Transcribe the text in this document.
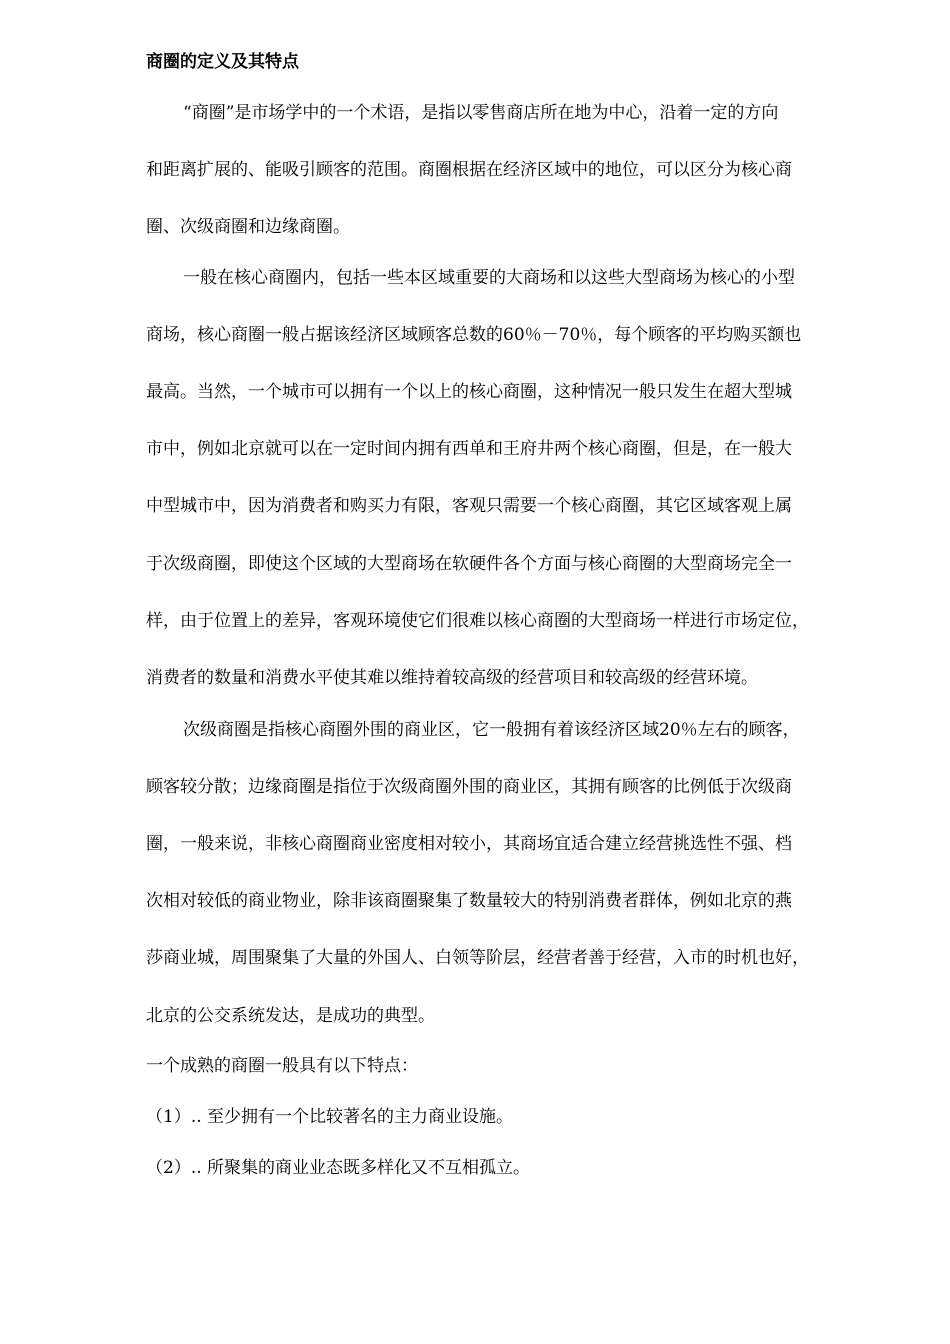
商圈的定义及其特点
“商圈”是市场学中的一个术语，是指以零售商店所在地为中心，沿着一定的方向
和距离扩展的、能吸引顾客的范围。商圈根据在经济区域中的地位，可以区分为核心商
圈、次级商圈和边缘商圈。
一般在核心商圈内，包括一些本区域重要的大商场和以这些大型商场为核心的小型
商场，核心商圈一般占据该经济区域顾客总数的60％－70％，每个顾客的平均购买额也
最高。当然，一个城市可以拥有一个以上的核心商圈，这种情况一般只发生在超大型城
市中，例如北京就可以在一定时间内拥有西单和王府井两个核心商圈，但是，在一般大
中型城市中，因为消费者和购买力有限，客观只需要一个核心商圈，其它区域客观上属
于次级商圈，即使这个区域的大型商场在软硬件各个方面与核心商圈的大型商场完全一
样，由于位置上的差异，客观环境使它们很难以核心商圈的大型商场一样进行市场定位，
消费者的数量和消费水平使其难以维持着较高级的经营项目和较高级的经营环境。
次级商圈是指核心商圈外围的商业区，它一般拥有着该经济区域20％左右的顾客，
顾客较分散；边缘商圈是指位于次级商圈外围的商业区，其拥有顾客的比例低于次级商
圈，一般来说，非核心商圈商业密度相对较小，其商场宜适合建立经营挑选性不强、档
次相对较低的商业物业，除非该商圈聚集了数量较大的特别消费者群体，例如北京的燕
莎商业城，周围聚集了大量的外国人、白领等阶层，经营者善于经营，入市的时机也好，
北京的公交系统发达，是成功的典型。
一个成熟的商圈一般具有以下特点：
（1）.. 至少拥有一个比较著名的主力商业设施。
（2）.. 所聚集的商业业态既多样化又不互相孤立。
